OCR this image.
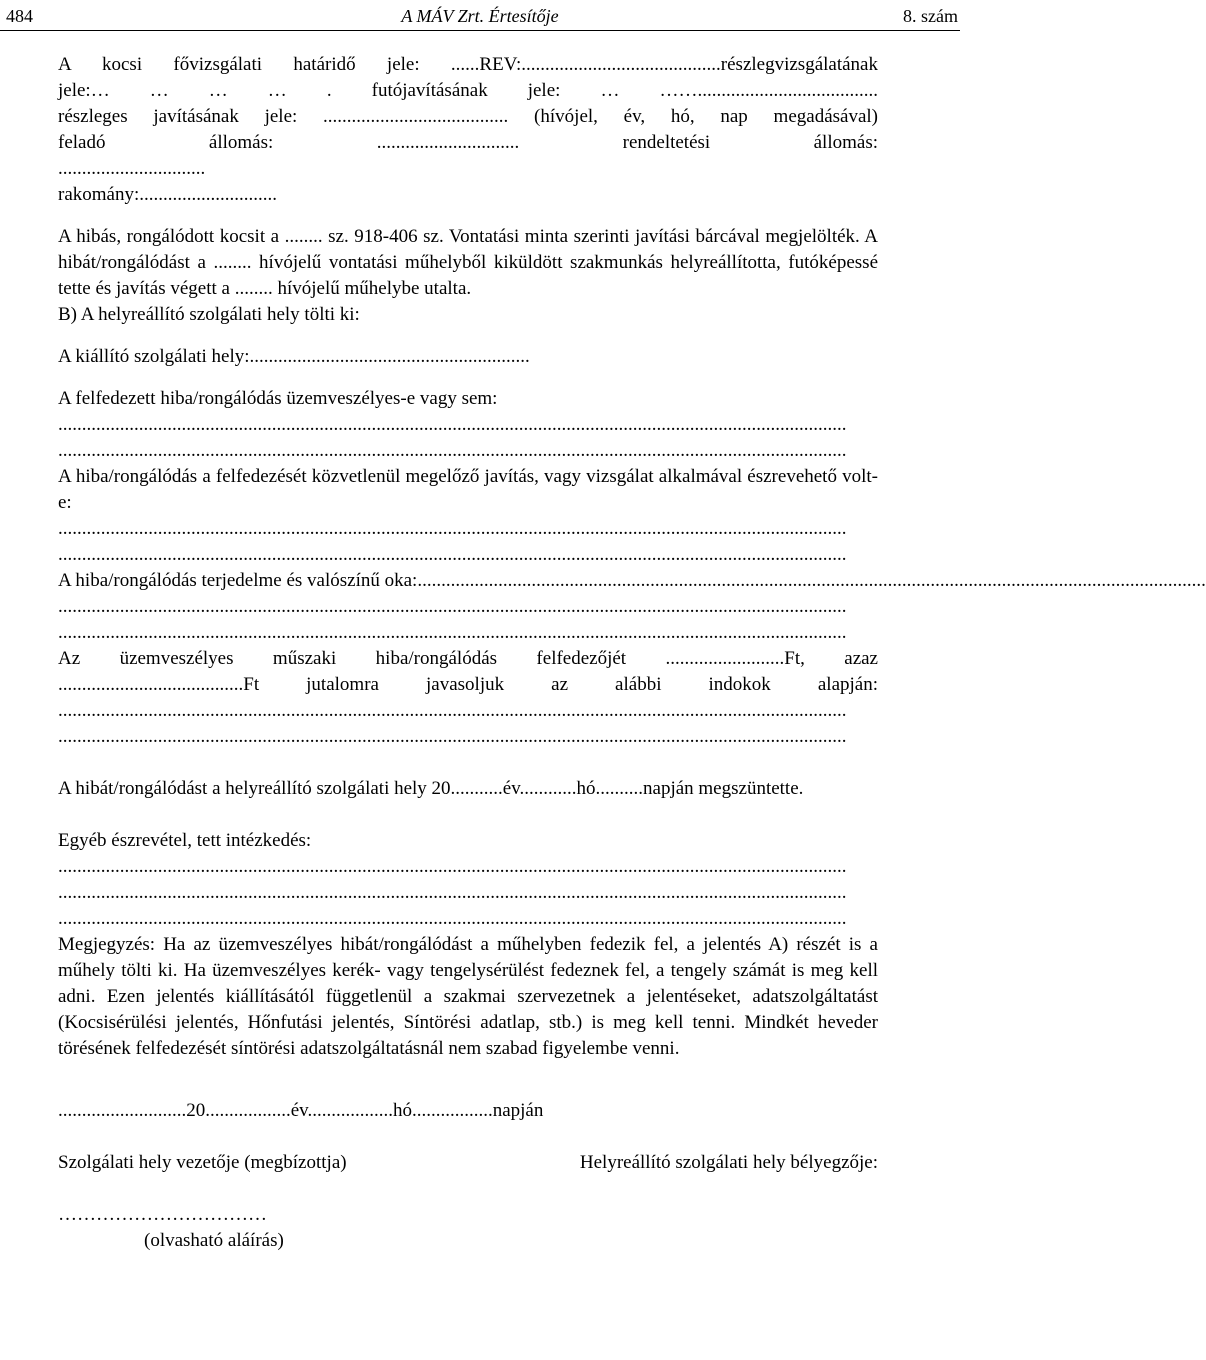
484	A MÁV Zrt. Értesítője	8. szám

A kocsi fővizsgálati határidő jele: ......REV:..........................................részlegvizsgálatának

jele:… … … … . futójavításának jele: … ……......................................

részleges javításának jele: ....................................... (hívójel, év, hó, nap megadásával)

feladó állomás: .............................. rendeltetési állomás:

...............................

rakomány:.............................

A hibás, rongálódott kocsit a ........ sz. 918-406 sz. Vontatási minta szerinti javítási bárcával megjelölték. A hibát/rongálódást a ........ hívójelű vontatási műhelyből kiküldött szakmunkás helyreállította, futóképessé tette és javítás végett a ........ hívójelű műhelybe utalta.

B) A helyreállító szolgálati hely tölti ki:

A kiállító szolgálati hely:...........................................................

A felfedezett hiba/rongálódás üzemveszélyes-e vagy sem:

......................................................................................................................................................................

......................................................................................................................................................................

A hiba/rongálódás a felfedezését közvetlenül megelőző javítás, vagy vizsgálat alkalmával észrevehető volt-e:

......................................................................................................................................................................

......................................................................................................................................................................

A hiba/rongálódás terjedelme és valószínű oka:......................................................................................................................................................................

......................................................................................................................................................................

......................................................................................................................................................................

Az üzemveszélyes műszaki hiba/rongálódás felfedezőjét .........................Ft, azaz

.......................................Ft jutalomra javasoljuk az alábbi indokok alapján:

......................................................................................................................................................................

......................................................................................................................................................................

A hibát/rongálódást a helyreállító szolgálati hely 20...........év............hó..........napján megszüntette.

Egyéb észrevétel, tett intézkedés:

......................................................................................................................................................................

......................................................................................................................................................................

......................................................................................................................................................................

Megjegyzés: Ha az üzemveszélyes hibát/rongálódást a műhelyben fedezik fel, a jelentés A) részét is a műhely tölti ki. Ha üzemveszélyes kerék- vagy tengelysérülést fedeznek fel, a tengely számát is meg kell adni. Ezen jelentés kiállításától függetlenül a szakmai szervezetnek a jelentéseket, adatszolgáltatást (Kocsisérülési jelentés, Hőnfutási jelentés, Síntörési adatlap, stb.) is meg kell tenni. Mindkét heveder törésének felfedezését síntörési adatszolgáltatásnál nem szabad figyelembe venni.

...........................20..................év..................hó.................napján

Szolgálati hely vezetője (megbízottja)	Helyreállító szolgálati hely bélyegzője:

……………………………

(olvasható aláírás)
